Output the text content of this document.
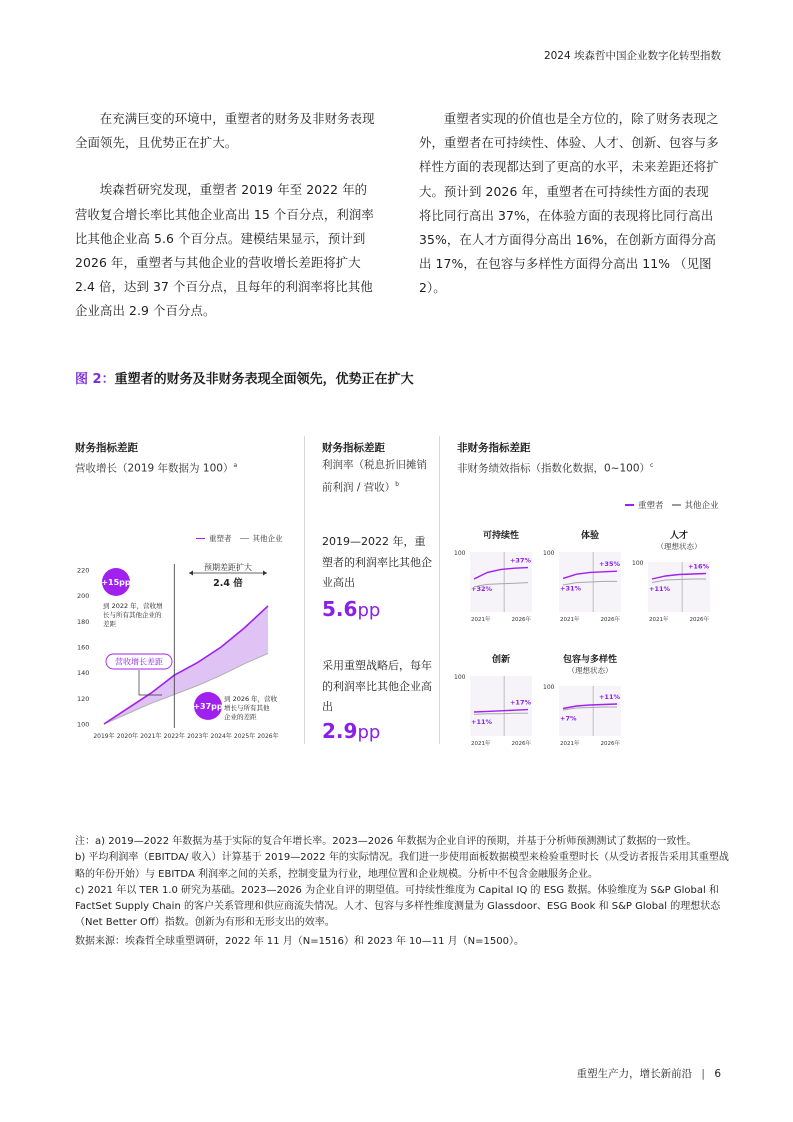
2024 埃森哲中国企业数字化转型指数

在充满巨变的环境中，重塑者的财务及非财务表现全面领先，且优势正在扩大。

埃森哲研究发现，重塑者 2019 年至 2022 年的营收复合增长率比其他企业高出 15 个百分点，利润率比其他企业高 5.6 个百分点。建模结果显示，预计到 2026 年，重塑者与其他企业的营收增长差距将扩大 2.4 倍，达到 37 个百分点，且每年的利润率将比其他企业高出 2.9 个百分点。

重塑者实现的价值也是全方位的，除了财务表现之外，重塑者在可持续性、体验、人才、创新、包容与多样性方面的表现都达到了更高的水平，未来差距还将扩大。预计到 2026 年，重塑者在可持续性方面的表现将比同行高出 37%，在体验方面的表现将比同行高出 35%，在人才方面得分高出 16%，在创新方面得分高出 17%，在包容与多样性方面得分高出 11% （见图 2）。

图 2：重塑者的财务及非财务表现全面领先，优势正在扩大
财务指标差距
营收增长（2019 年数据为 100）$^a$
重塑者	其他企业
100
120
140
160
180
200
220
2019年 2020年 2021年 2022年 2023年 2024年 2025年 2026年
预期差距扩大
2.4 倍
+15pp
到 2022 年，营收增
长与所有其他企业的
差距
营收增长差距
+37pp
到 2026 年，营收
增长与所有其他
企业的差距
财务指标差距
利润率（税息折旧摊销前利润 / 营收）$^b$
2019—2022 年，重塑者的利润率比其他企业高出
5.6pp
采用重塑战略后，每年的利润率比其他企业高出
2.9pp
非财务指标差距
非财务绩效指标（指数化数据，0~100）$^c$
重塑者 其他企业
可持续性
100
+32%
+37%
2021年	2026年
体验
100
+31%
+35%
2021年	2026年
人才
（理想状态）
100
+11%
+16%
2021年	2026年
创新
100
+11%
+17%
2021年	2026年
包容与多样性
（理想状态）
100
+7%
+11%
2021年	2026年
注：a) 2019—2022 年数据为基于实际的复合年增长率。2023—2026 年数据为企业自评的预期，并基于分析师预测测试了数据的一致性。
b) 平均利润率（EBITDA/ 收入）计算基于 2019—2022 年的实际情况。我们进一步使用面板数据模型来检验重塑时长（从受访者报告采用其重塑战略的年份开始）与 EBITDA 利润率之间的关系，控制变量为行业，地理位置和企业规模。分析中不包含金融服务企业。
c) 2021 年以 TER 1.0 研究为基础。2023—2026 为企业自评的期望值。可持续性维度为 Capital IQ 的 ESG 数据。体验维度为 S&P Global 和 FactSet Supply Chain 的客户关系管理和供应商流失情况。人才、包容与多样性维度测量为 Glassdoor、ESG Book 和 S&P Global 的理想状态（Net Better Off）指数。创新为有形和无形支出的效率。
数据来源：埃森哲全球重塑调研，2022 年 11 月（N=1516）和 2023 年 10—11 月（N=1500）。
重塑生产力，增长新前沿 | 6
